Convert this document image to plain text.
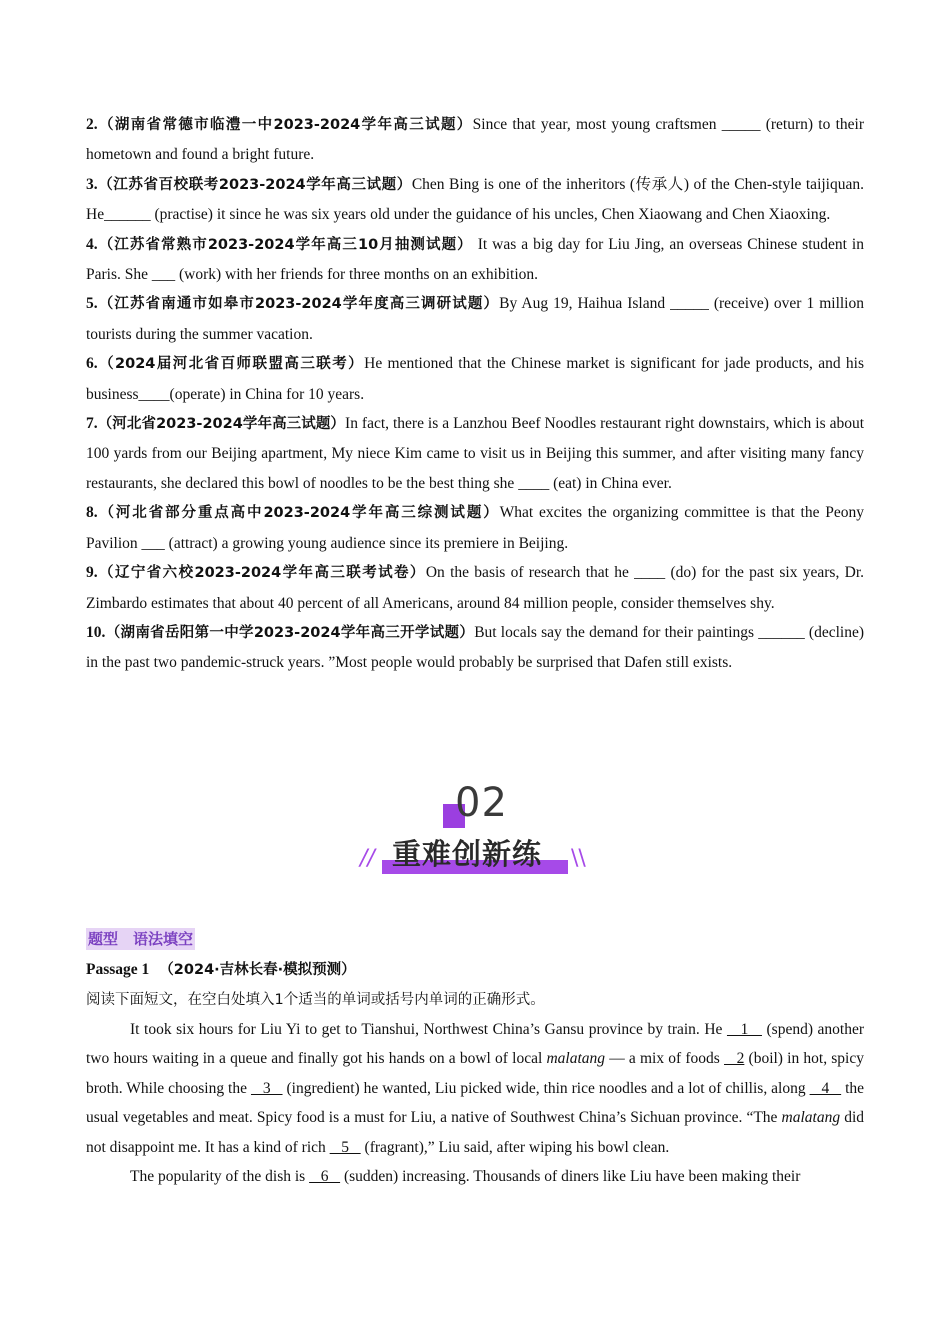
2.（湖南省常德市临澧一中2023-2024学年高三试题）Since that year, most young craftsmen _____ (return) to their hometown and found a bright future.

3.（江苏省百校联考2023-2024学年高三试题）Chen Bing is one of the inheritors (传承人) of the Chen-style taijiquan. He______ (practise) it since he was six years old under the guidance of his uncles, Chen Xiaowang and Chen Xiaoxing.

4.（江苏省常熟市2023-2024学年高三10月抽测试题） It was a big day for Liu Jing, an overseas Chinese student in Paris. She ___ (work) with her friends for three months on an exhibition.

5.（江苏省南通市如皋市2023-2024学年度高三调研试题）By Aug 19, Haihua Island _____ (receive) over 1 million tourists during the summer vacation.

6.（2024届河北省百师联盟高三联考）He mentioned that the Chinese market is significant for jade products, and his business____(operate) in China for 10 years.

7.（河北省2023-2024学年高三试题）In fact, there is a Lanzhou Beef Noodles restaurant right downstairs, which is about 100 yards from our Beijing apartment, My niece Kim came to visit us in Beijing this summer, and after visiting many fancy restaurants, she declared this bowl of noodles to be the best thing she ____ (eat) in China ever.

8.（河北省部分重点高中2023-2024学年高三综测试题）What excites the organizing committee is that the Peony Pavilion ___ (attract) a growing young audience since its premiere in Beijing.

9.（辽宁省六校2023-2024学年高三联考试卷）On the basis of research that he ____ (do) for the past six years, Dr. Zimbardo estimates that about 40 percent of all Americans, around 84 million people, consider themselves shy.

10.（湖南省岳阳第一中学2023-2024学年高三开学试题）But locals say the demand for their paintings ______ (decline) in the past two pandemic-struck years. ”Most people would probably be surprised that Dafen still exists.

02
// 重难创新练 \\
题型　语法填空
Passage 1 （2024·吉林长春·模拟预测）
阅读下面短文，在空白处填入1个适当的单词或括号内单词的正确形式。

It took six hours for Liu Yi to get to Tianshui, Northwest China’s Gansu province by train. He    1    (spend) another two hours waiting in a queue and finally got his hands on a bowl of local malatang — a mix of foods    2 (boil) in hot, spicy broth. While choosing the    3    (ingredient) he wanted, Liu picked wide, thin rice noodles and a lot of chillis, along    4    the usual vegetables and meat. Spicy food is a must for Liu, a native of Southwest China’s Sichuan province. “The malatang did not disappoint me. It has a kind of rich    5    (fragrant),” Liu said, after wiping his bowl clean.

The popularity of the dish is    6    (sudden) increasing. Thousands of diners like Liu have been making their
